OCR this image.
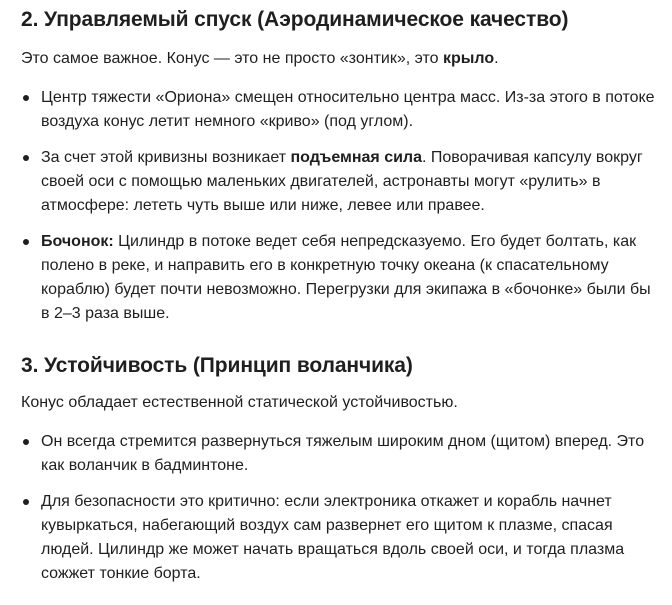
2. Управляемый спуск (Аэродинамическое качество)

Это самое важное. Конус — это не просто «зонтик», это крыло.

Центр тяжести «Ориона» смещен относительно центра масс. Из-за этого в потоке
воздуха конус летит немного «криво» (под углом).
За счет этой кривизны возникает подъемная сила. Поворачивая капсулу вокруг
своей оси с помощью маленьких двигателей, астронавты могут «рулить» в
атмосфере: лететь чуть выше или ниже, левее или правее.
Бочонок: Цилиндр в потоке ведет себя непредсказуемо. Его будет болтать, как
полено в реке, и направить его в конкретную точку океана (к спасательному
кораблю) будет почти невозможно. Перегрузки для экипажа в «бочонке» были бы
в 2–3 раза выше.
3. Устойчивость (Принцип воланчика)

Конус обладает естественной статической устойчивостью.

Он всегда стремится развернуться тяжелым широким дном (щитом) вперед. Это
как воланчик в бадминтоне.
Для безопасности это критично: если электроника откажет и корабль начнет
кувыркаться, набегающий воздух сам развернет его щитом к плазме, спасая
людей. Цилиндр же может начать вращаться вдоль своей оси, и тогда плазма
сожжет тонкие борта.
